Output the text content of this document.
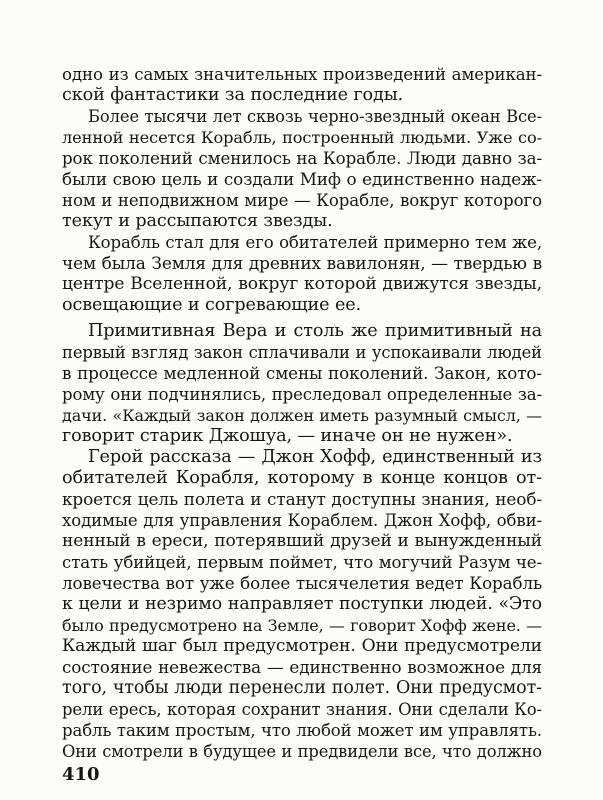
одно из самых значительных произведений американ-
ской фантастики за последние годы.
Более тысячи лет сквозь черно-звездный океан Все-
ленной несется Корабль, построенный людьми. Уже со-
рок поколений сменилось на Корабле. Люди давно за-
были свою цель и создали Миф о единственно надеж-
ном и неподвижном мире — Корабле, вокруг которого
текут и рассыпаются звезды.
Корабль стал для его обитателей примерно тем же,
чем была Земля для древних вавилонян, — твердью в
центре Вселенной, вокруг которой движутся звезды,
освещающие и согревающие ее.
Примитивная Вера и столь же примитивный на
первый взгляд закон сплачивали и успокаивали людей
в процессе медленной смены поколений. Закон, кото-
рому они подчинялись, преследовал определенные за-
дачи. «Каждый закон должен иметь разумный смысл, —
говорит старик Джошуа, — иначе он не нужен».
Герой рассказа — Джон Хофф, единственный из
обитателей Корабля, которому в конце концов от-
кроется цель полета и станут доступны знания, необ-
ходимые для управления Кораблем. Джон Хофф, обви-
ненный в ереси, потерявший друзей и вынужденный
стать убийцей, первым поймет, что могучий Разум че-
ловечества вот уже более тысячелетия ведет Корабль
к цели и незримо направляет поступки людей. «Это
было предусмотрено на Земле, — говорит Хофф жене. —
Каждый шаг был предусмотрен. Они предусмотрели
состояние невежества — единственно возможное для
того, чтобы люди перенесли полет. Они предусмот-
рели ересь, которая сохранит знания. Они сделали Ко-
рабль таким простым, что любой может им управлять.
Они смотрели в будущее и предвидели все, что должно
410
